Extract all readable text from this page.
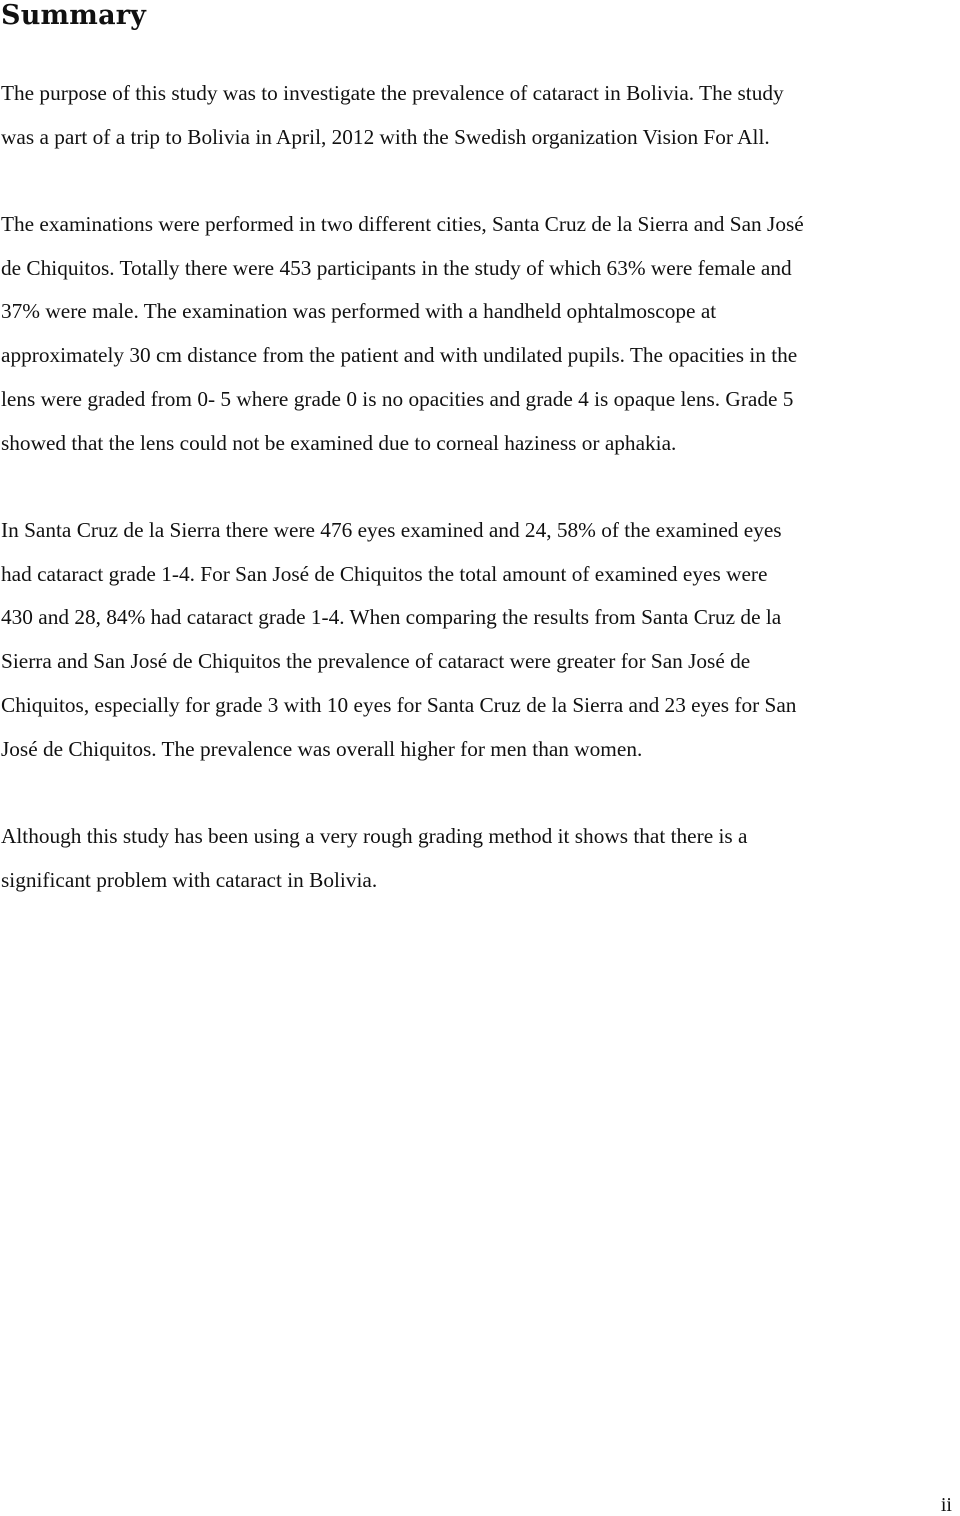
Summary

The purpose of this study was to investigate the prevalence of cataract in Bolivia. The study
was a part of a trip to Bolivia in April, 2012 with the Swedish organization Vision For All.

The examinations were performed in two different cities, Santa Cruz de la Sierra and San José
de Chiquitos. Totally there were 453 participants in the study of which 63% were female and
37% were male. The examination was performed with a handheld ophtalmoscope at
approximately 30 cm distance from the patient and with undilated pupils. The opacities in the
lens were graded from 0- 5 where grade 0 is no opacities and grade 4 is opaque lens. Grade 5
showed that the lens could not be examined due to corneal haziness or aphakia.

In Santa Cruz de la Sierra there were 476 eyes examined and 24, 58% of the examined eyes
had cataract grade 1-4. For San José de Chiquitos the total amount of examined eyes were
430 and 28, 84% had cataract grade 1-4. When comparing the results from Santa Cruz de la
Sierra and San José de Chiquitos the prevalence of cataract were greater for San José de
Chiquitos, especially for grade 3 with 10 eyes for Santa Cruz de la Sierra and 23 eyes for San
José de Chiquitos. The prevalence was overall higher for men than women.

Although this study has been using a very rough grading method it shows that there is a
significant problem with cataract in Bolivia.

ii
